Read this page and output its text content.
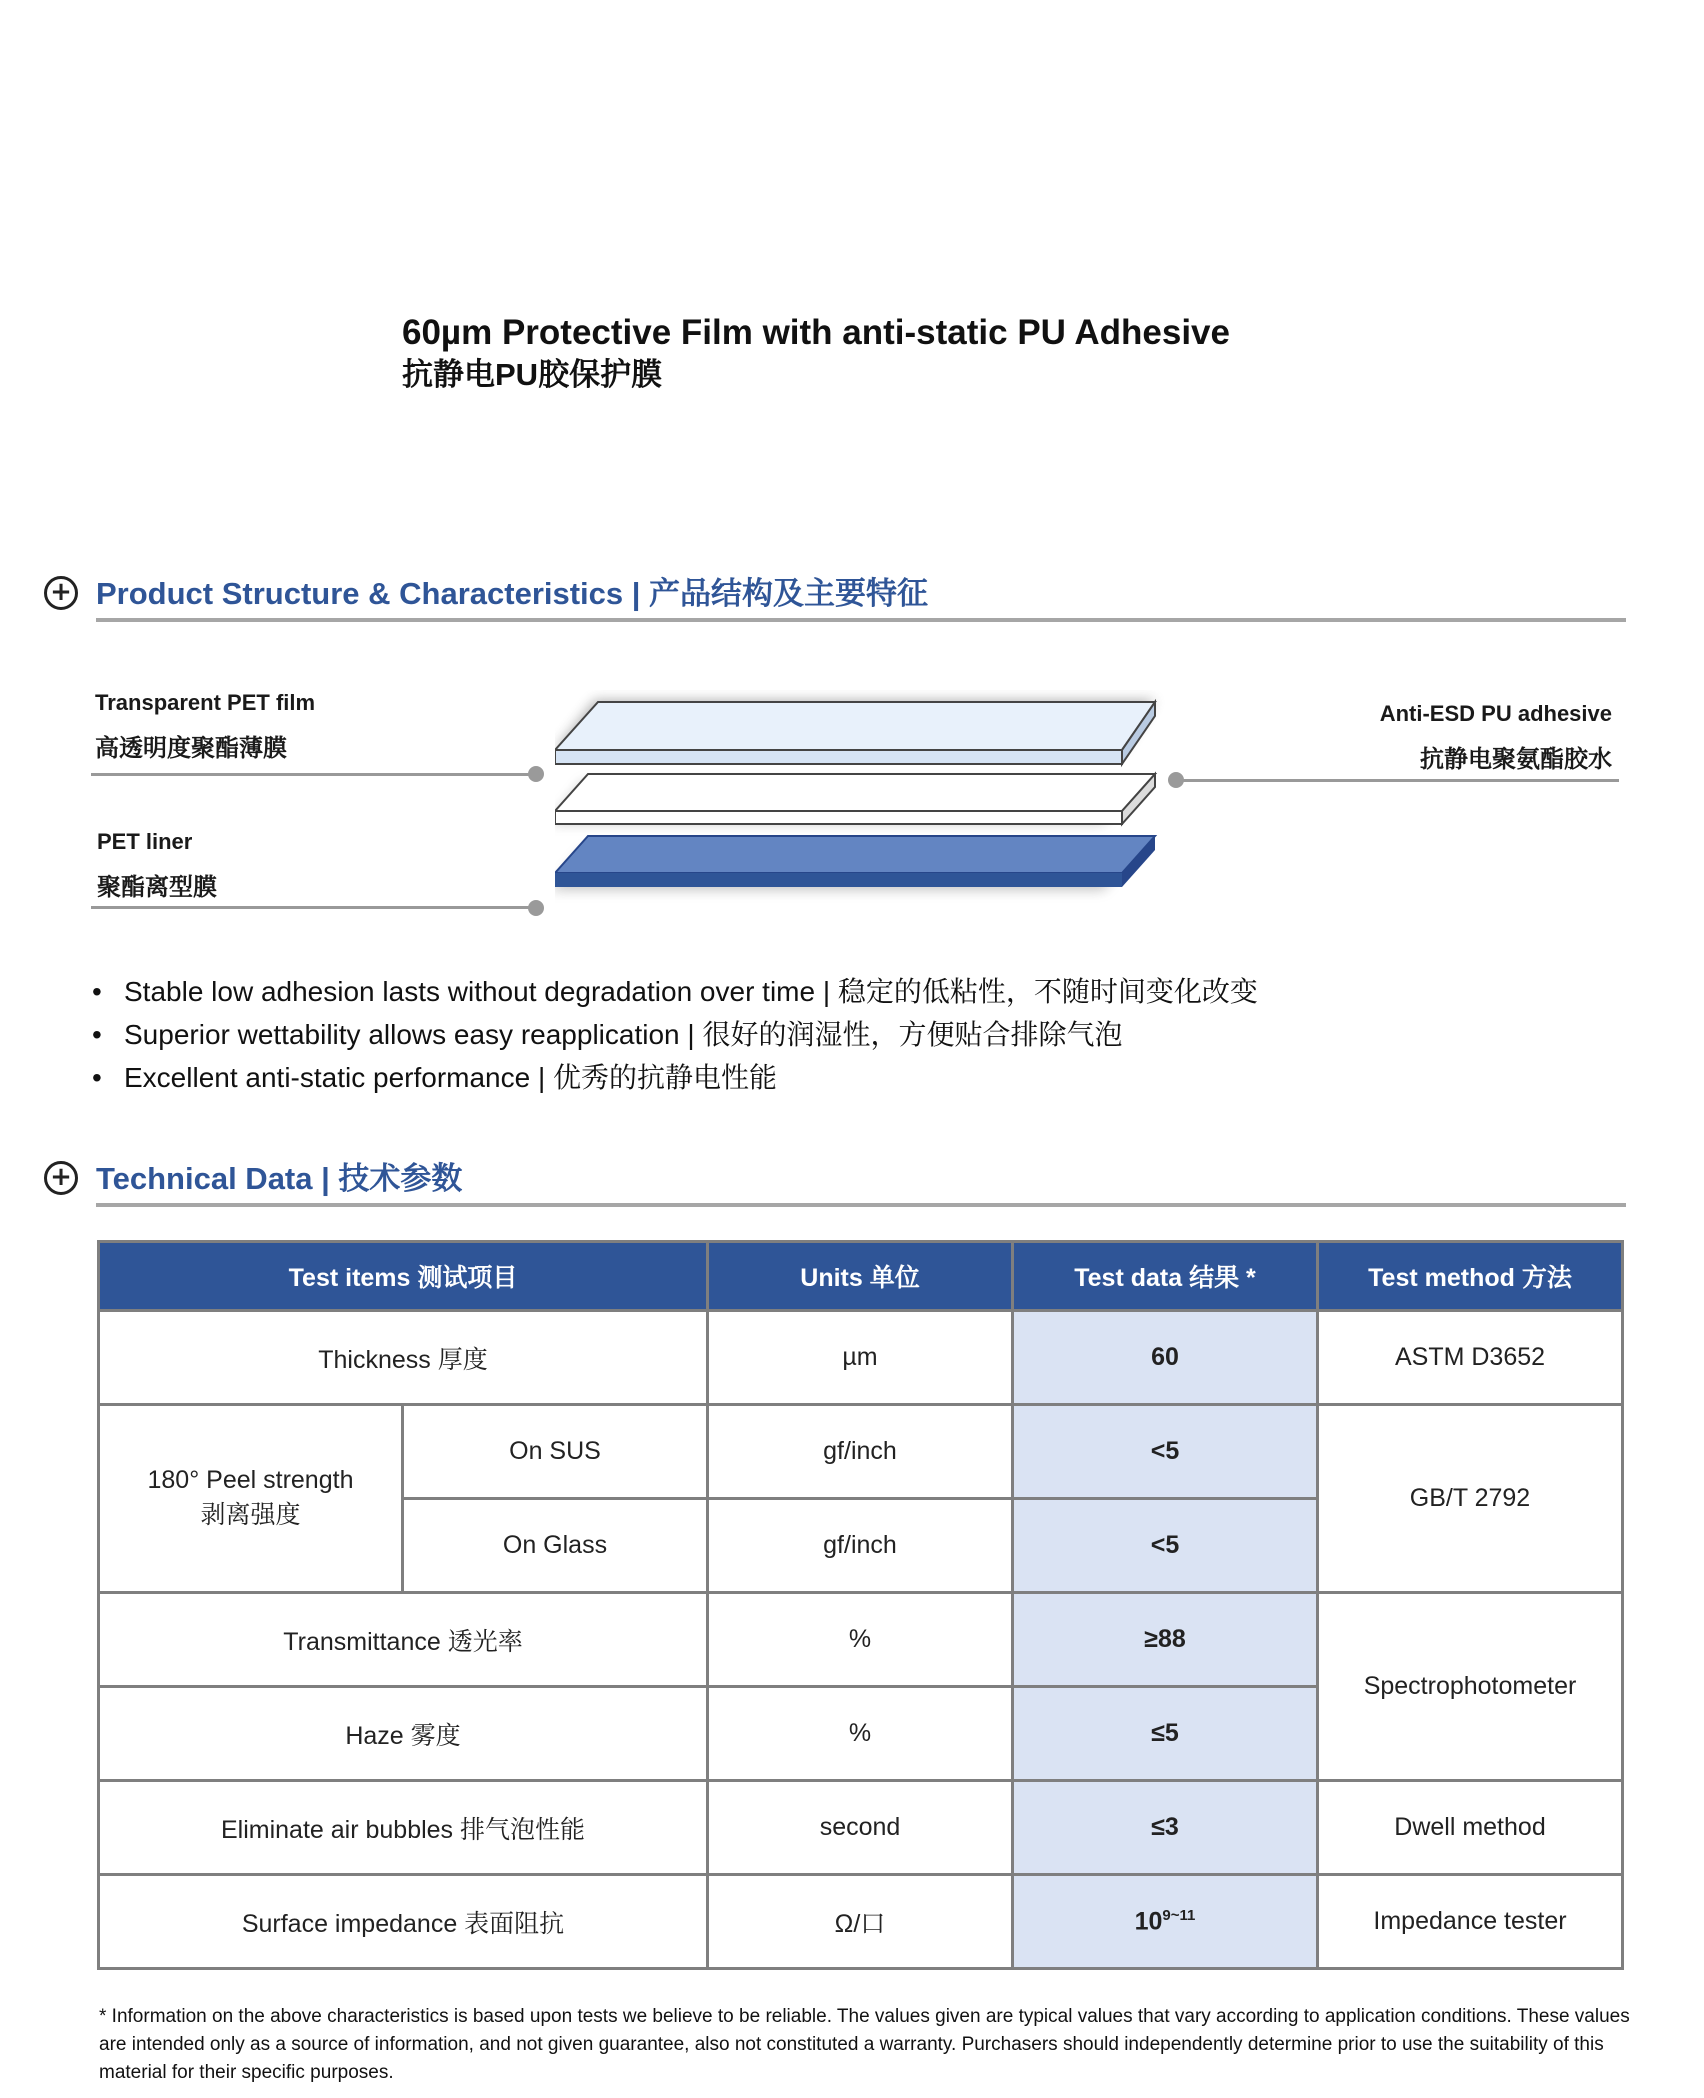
60µm Protective Film with anti-static PU Adhesive
抗静电PU胶保护膜
+ Product Structure & Characteristics | 产品结构及主要特征
Transparent PET film
高透明度聚酯薄膜
Anti-ESD PU adhesive
抗静电聚氨酯胶水
PET liner
聚酯离型膜
• Stable low adhesion lasts without degradation over time | 稳定的低粘性，不随时间变化改变
• Superior wettability allows easy reapplication | 很好的润湿性，方便贴合排除气泡
• Excellent anti-static performance | 优秀的抗静电性能
+ Technical Data | 技术参数
Test items 测试项目		Units 单位	Test data 结果 *	Test method 方法
Thickness 厚度		µm	60	ASTM D3652

180° Peel strength
剥离强度	On SUS	gf/inch	<5	GB/T 2792
	On Glass	gf/inch	<5	
Transmittance 透光率		%	≥88	Spectrophotometer
Haze 雾度		%	≤5	
Eliminate air bubbles 排气泡性能		second	≤3	Dwell method
Surface impedance 表面阻抗		Ω/口	$10^{9\sim 11}$	Impedance tester
* Information on the above characteristics is based upon tests we believe to be reliable. The values given are typical values that vary according to application conditions. These values are intended only as a source of information, and not given guarantee, also not constituted a warranty. Purchasers should independently determine prior to use the suitability of this material for their specific purposes.
